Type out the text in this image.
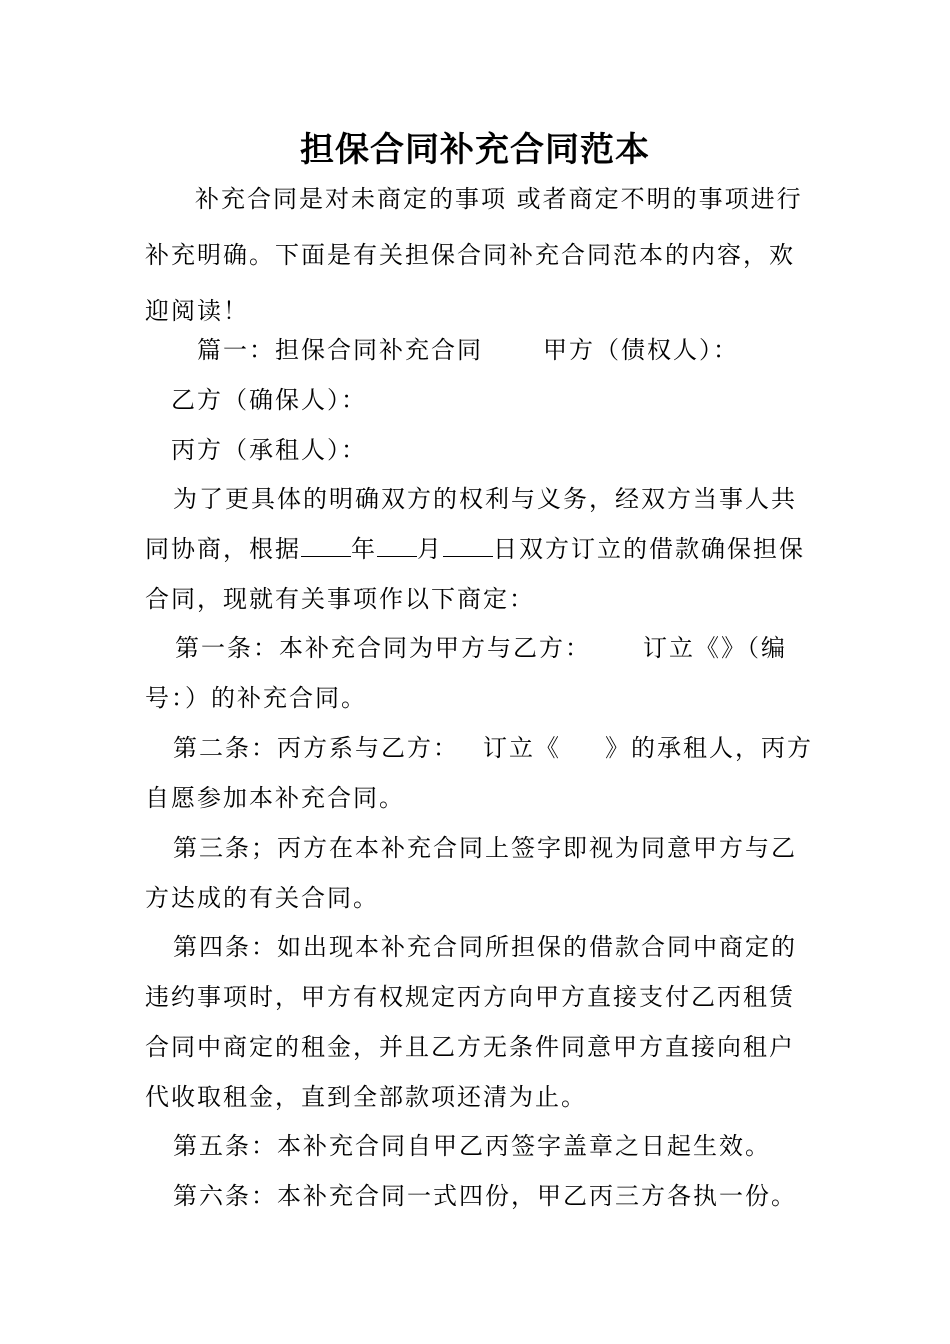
担保合同补充合同范本
补充合同是对未商定的事项 或者商定不明的事项进行
补充明确。下面是有关担保合同补充合同范本的内容，欢
迎阅读！
篇一：担保合同补充合同	甲方（债权人）：
乙方（确保人）：
丙方（承租人）：
为了更具体的明确双方的权利与义务，经双方当事人共
同协商，根据 年 月 日双方订立的借款确保担保
合同，现就有关事项作以下商定：
第一条：本补充合同为甲方与乙方： 订立《》（编
号：）的补充合同。
第二条：丙方系与乙方： 订立《 》的承租人，丙方
自愿参加本补充合同。
第三条；丙方在本补充合同上签字即视为同意甲方与乙
方达成的有关合同。
第四条：如出现本补充合同所担保的借款合同中商定的
违约事项时，甲方有权规定丙方向甲方直接支付乙丙租赁
合同中商定的租金，并且乙方无条件同意甲方直接向租户
代收取租金，直到全部款项还清为止。
第五条：本补充合同自甲乙丙签字盖章之日起生效。
第六条：本补充合同一式四份，甲乙丙三方各执一份。
